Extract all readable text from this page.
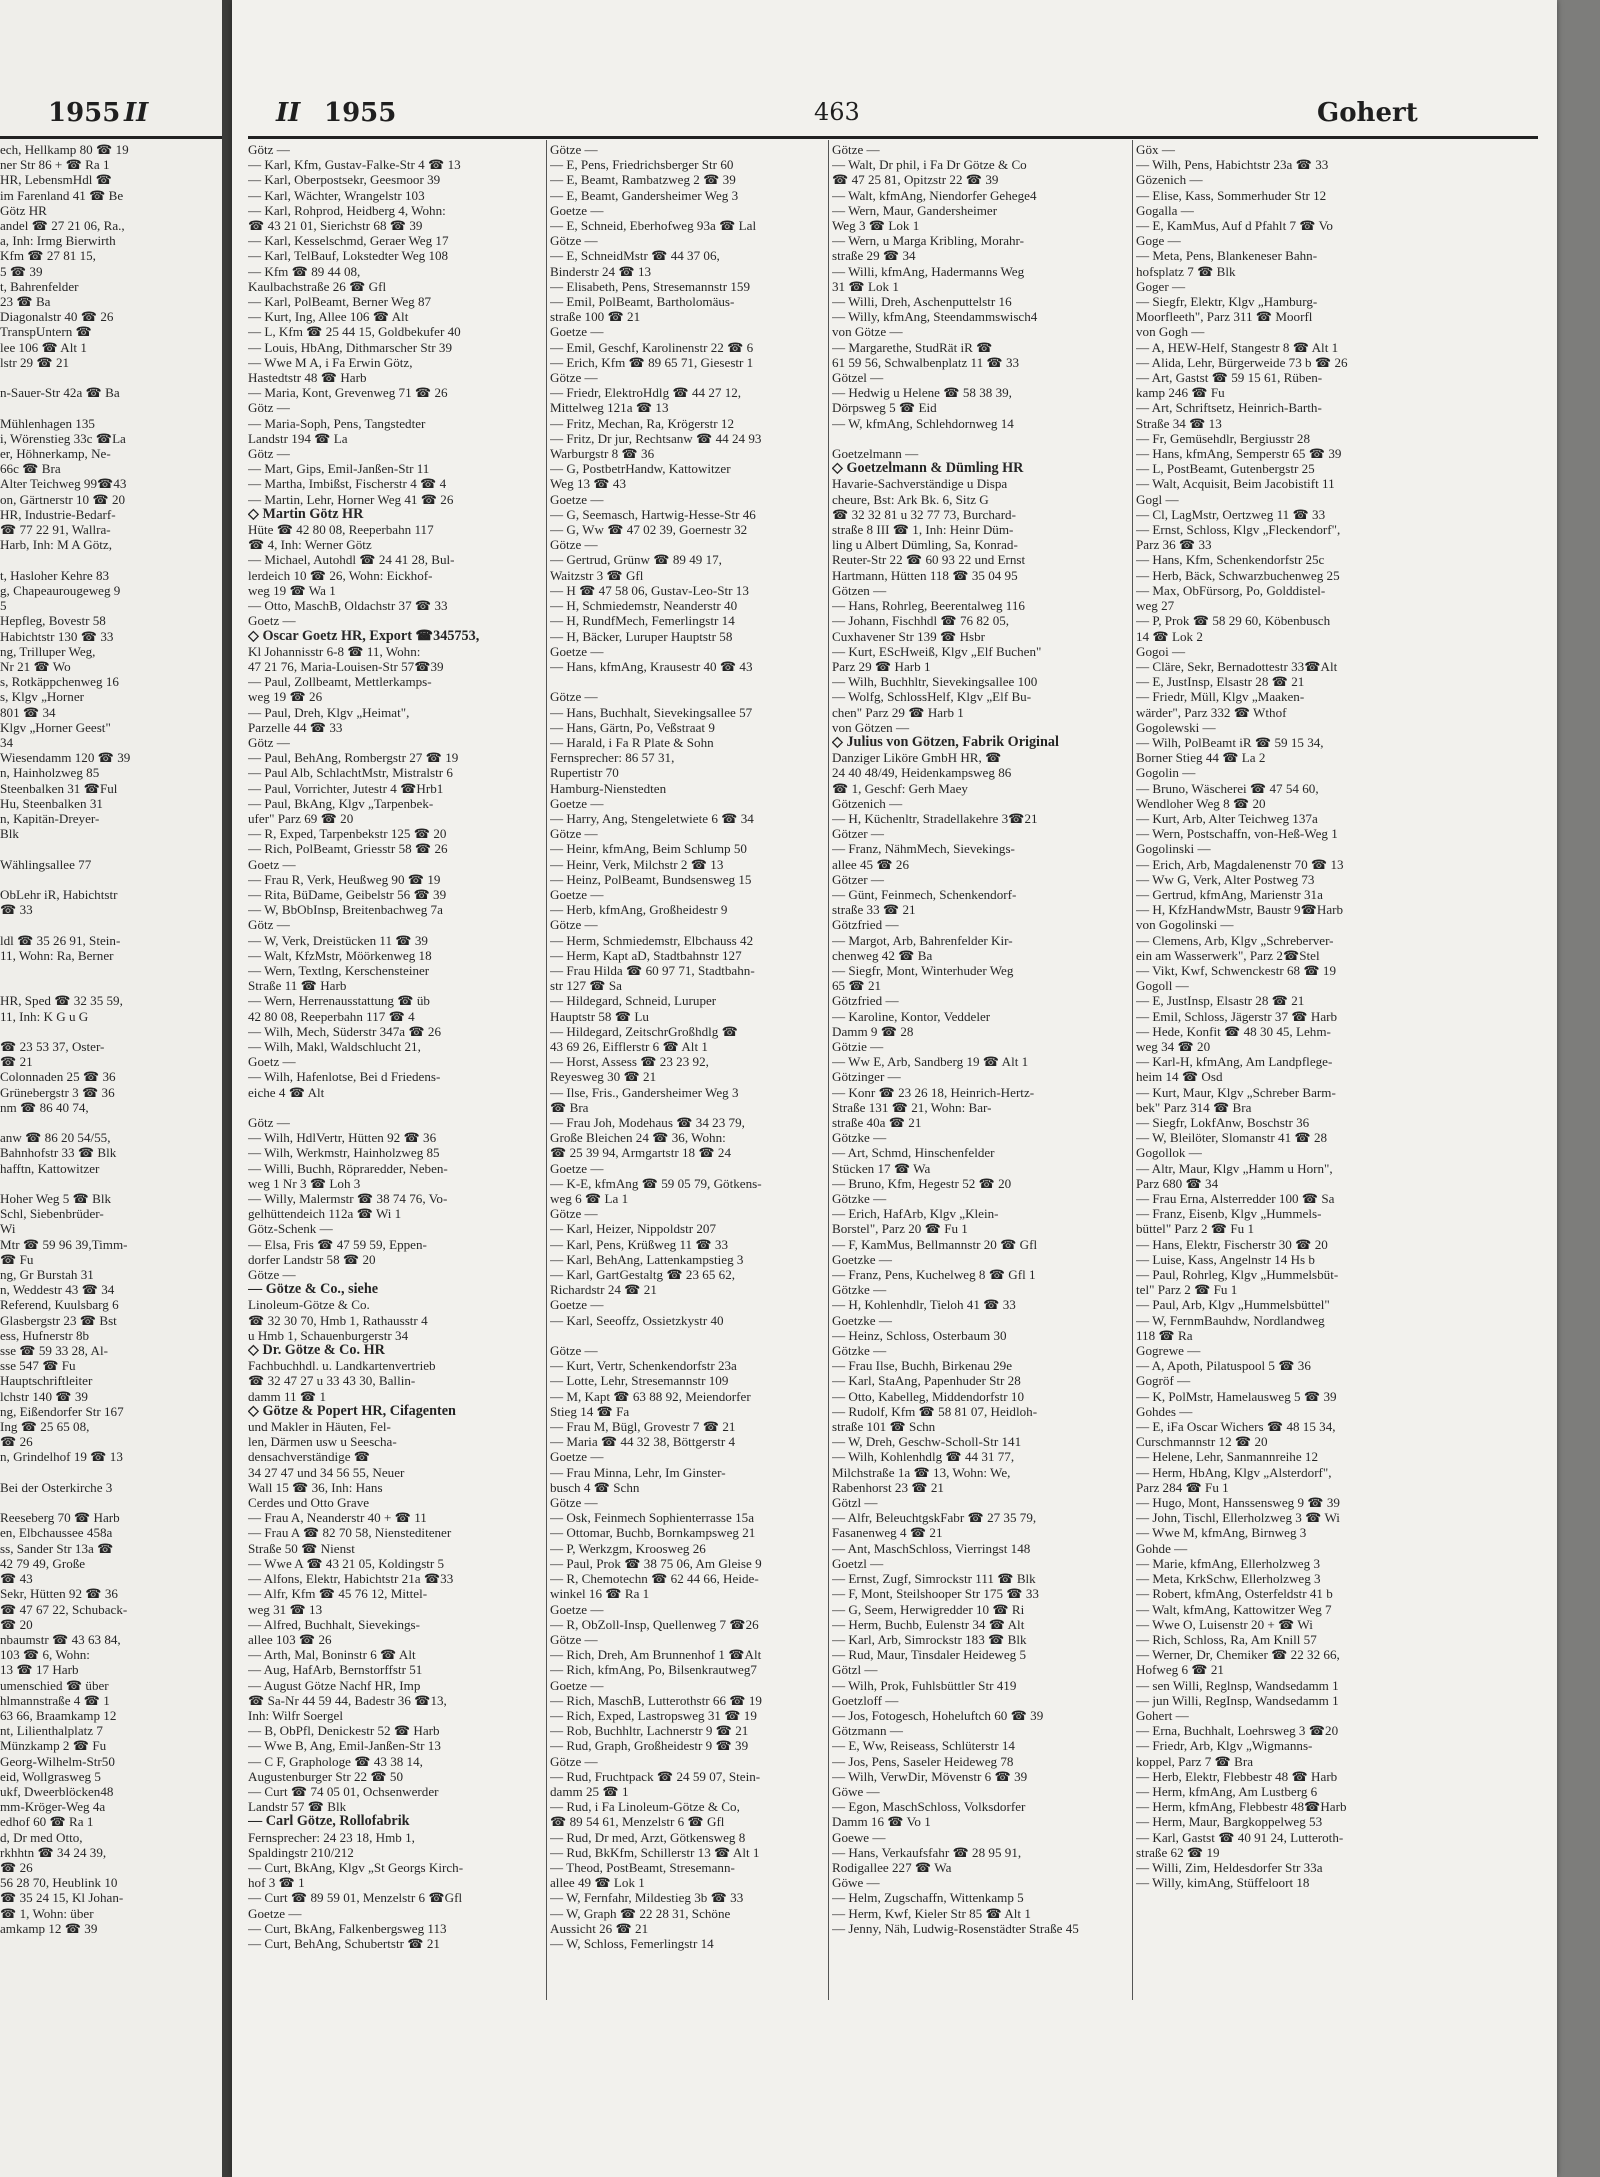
1955 II
ech, Hellkamp 80 ☎ 19
ner Str 86 + ☎ Ra 1
HR, LebensmHdl ☎
im Farenland 41 ☎ Be
Götz HR
andel ☎ 27 21 06, Ra.,
a, Inh: Irmg Bierwirth
Kfm ☎ 27 81 15,
5 ☎ 39
t, Bahrenfelder
23 ☎ Ba
Diagonalstr 40 ☎ 26
TranspUntern ☎
lee 106 ☎ Alt 1
lstr 29 ☎ 21

n-Sauer-Str 42a ☎ Ba

Mühlenhagen 135
i, Wörenstieg 33c ☎La
er, Höhnerkamp, Ne-
66c ☎ Bra
Alter Teichweg 99☎43
on, Gärtnerstr 10 ☎ 20
HR, Industrie-Bedarf-
☎ 77 22 91, Wallra-
Harb, Inh: M A Götz,

t, Hasloher Kehre 83
g, Chapeaurougeweg 9
5
Hepfleg, Bovestr 58
Habichtstr 130 ☎ 33
ng, Trilluper Weg,
Nr 21 ☎ Wo
s, Rotkäppchenweg 16
s, Klgv „Horner
801 ☎ 34
Klgv „Horner Geest"
34
Wiesendamm 120 ☎ 39
n, Hainholzweg 85
Steenbalken 31 ☎Ful
Hu, Steenbalken 31
n, Kapitän-Dreyer-
Blk

Wählingsallee 77

ObLehr iR, Habichtstr
☎ 33

ldl ☎ 35 26 91, Stein-
11, Wohn: Ra, Berner

HR, Sped ☎ 32 35 59,
11, Inh: K G u G

☎ 23 53 37, Oster-
☎ 21
Colonnaden 25 ☎ 36
Grünebergstr 3 ☎ 36
nm ☎ 86 40 74,

anw ☎ 86 20 54/55,
Bahnhofstr 33 ☎ Blk
hafftn, Kattowitzer

Hoher Weg 5 ☎ Blk
Schl, Siebenbrüder-
Wi
Mtr ☎ 59 96 39,Timm-
☎ Fu
ng, Gr Burstah 31
n, Weddestr 43 ☎ 34
Referend, Kuulsbarg 6
Glasbergstr 23 ☎ Bst
ess, Hufnerstr 8b
sse ☎ 59 33 28, Al-
sse 547 ☎ Fu
Hauptschriftleiter
lchstr 140 ☎ 39
ng, Eißendorfer Str 167
Ing ☎ 25 65 08,
☎ 26
n, Grindelhof 19 ☎ 13

Bei der Osterkirche 3

Reeseberg 70 ☎ Harb
en, Elbchaussee 458a
ss, Sander Str 13a ☎
42 79 49, Große
☎ 43
Sekr, Hütten 92 ☎ 36
☎ 47 67 22, Schuback-
☎ 20
nbaumstr ☎ 43 63 84,
103 ☎ 6, Wohn:
13 ☎ 17 Harb
umenschied ☎ über
hlmannstraße 4 ☎ 1
63 66, Braamkamp 12
nt, Lilienthalplatz 7
Münzkamp 2 ☎ Fu
Georg-Wilhelm-Str50
eid, Wollgrasweg 5
ukf, Dweerblöcken48
mm-Kröger-Weg 4a
edhof 60 ☎ Ra 1
d, Dr med Otto,
rkhhtn ☎ 34 24 39,
☎ 26
56 28 70, Heublink 10
☎ 35 24 15, Kl Johan-
☎ 1, Wohn: über
amkamp 12 ☎ 39
II 1955	463	Gohert
Götz —
— Karl, Kfm, Gustav-Falke-Str 4 ☎ 13
— Karl, Oberpostsekr, Geesmoor 39
— Karl, Wächter, Wrangelstr 103
— Karl, Rohprod, Heidberg 4, Wohn:
☎ 43 21 01, Sierichstr 68 ☎ 39
— Karl, Kesselschmd, Geraer Weg 17
— Karl, TelBauf, Lokstedter Weg 108
— Kfm ☎ 89 44 08,
Kaulbachstraße 26 ☎ Gfl
— Karl, PolBeamt, Berner Weg 87
— Kurt, Ing, Allee 106 ☎ Alt
— L, Kfm ☎ 25 44 15, Goldbekufer 40
— Louis, HbAng, Dithmarscher Str 39
— Wwe M A, i Fa Erwin Götz,
Hastedtstr 48 ☎ Harb
— Maria, Kont, Grevenweg 71 ☎ 26
Götz —
— Maria-Soph, Pens, Tangstedter
Landstr 194 ☎ La
Götz —
— Mart, Gips, Emil-Janßen-Str 11
— Martha, Imbißst, Fischerstr 4 ☎ 4
— Martin, Lehr, Horner Weg 41 ☎ 26
◇ Martin Götz HR
Hüte ☎ 42 80 08, Reeperbahn 117
☎ 4, Inh: Werner Götz
— Michael, Autohdl ☎ 24 41 28, Bul-
lerdeich 10 ☎ 26, Wohn: Eickhof-
weg 19 ☎ Wa 1
— Otto, MaschB, Oldachstr 37 ☎ 33
Goetz —
◇ Oscar Goetz HR, Export ☎345753,
Kl Johannisstr 6-8 ☎ 11, Wohn:
47 21 76, Maria-Louisen-Str 57☎39
— Paul, Zollbeamt, Mettlerkamps-
weg 19 ☎ 26
— Paul, Dreh, Klgv „Heimat",
Parzelle 44 ☎ 33
Götz —
— Paul, BehAng, Rombergstr 27 ☎ 19
— Paul Alb, SchlachtMstr, Mistralstr 6
— Paul, Vorrichter, Jutestr 4 ☎Hrb1
— Paul, BkAng, Klgv „Tarpenbek-
ufer" Parz 69 ☎ 20
— R, Exped, Tarpenbekstr 125 ☎ 20
— Rich, PolBeamt, Griesstr 58 ☎ 26
Goetz —
— Frau R, Verk, Heußweg 90 ☎ 19
— Rita, BüDame, Geibelstr 56 ☎ 39
— W, BbObInsp, Breitenbachweg 7a
Götz —
— W, Verk, Dreistücken 11 ☎ 39
— Walt, KfzMstr, Möörkenweg 18
— Wern, Textlng, Kerschensteiner
Straße 11 ☎ Harb
— Wern, Herrenausstattung ☎ üb
42 80 08, Reeperbahn 117 ☎ 4
— Wilh, Mech, Süderstr 347a ☎ 26
— Wilh, Makl, Waldschlucht 21,
Goetz —
— Wilh, Hafenlotse, Bei d Friedens-
eiche 4 ☎ Alt

Götz —
— Wilh, HdlVertr, Hütten 92 ☎ 36
— Wilh, Werkmstr, Hainholzweg 85
— Willi, Buchh, Röpraredder, Neben-
weg 1 Nr 3 ☎ Loh 3
— Willy, Malermstr ☎ 38 74 76, Vo-
gelhüttendeich 112a ☎ Wi 1
Götz-Schenk —
— Elsa, Fris ☎ 47 59 59, Eppen-
dorfer Landstr 58 ☎ 20
Götze —
— Götze & Co., siehe
Linoleum-Götze & Co.
☎ 32 30 70, Hmb 1, Rathausstr 4
u Hmb 1, Schauenburgerstr 34
◇ Dr. Götze & Co. HR
Fachbuchhdl. u. Landkartenvertrieb
☎ 32 47 27 u 33 43 30, Ballin-
damm 11 ☎ 1
◇ Götze & Popert HR, Cifagenten
und Makler in Häuten, Fel-
len, Därmen usw u Seescha-
densachverständige ☎
34 27 47 und 34 56 55, Neuer
Wall 15 ☎ 36, Inh: Hans
Cerdes und Otto Grave
— Frau A, Neanderstr 40 + ☎ 11
— Frau A ☎ 82 70 58, Niensteditener
Straße 50 ☎ Nienst
— Wwe A ☎ 43 21 05, Koldingstr 5
— Alfons, Elektr, Habichtstr 21a ☎33
— Alfr, Kfm ☎ 45 76 12, Mittel-
weg 31 ☎ 13
— Alfred, Buchhalt, Sievekings-
allee 103 ☎ 26
— Arth, Mal, Boninstr 6 ☎ Alt
— Aug, HafArb, Bernstorffstr 51
— August Götze Nachf HR, Imp
☎ Sa-Nr 44 59 44, Badestr 36 ☎13,
Inh: Wilfr Soergel
— B, ObPfl, Denickestr 52 ☎ Harb
— Wwe B, Ang, Emil-Janßen-Str 13
— C F, Graphologe ☎ 43 38 14,
Augustenburger Str 22 ☎ 50
— Curt ☎ 74 05 01, Ochsenwerder
Landstr 57 ☎ Blk
— Carl Götze, Rollofabrik
Fernsprecher: 24 23 18, Hmb 1,
Spaldingstr 210/212
— Curt, BkAng, Klgv „St Georgs Kirch-
hof 3 ☎ 1
— Curt ☎ 89 59 01, Menzelstr 6 ☎Gfl
Goetze —
— Curt, BkAng, Falkenbergsweg 113
— Curt, BehAng, Schubertstr ☎ 21
Götze —
— E, Pens, Friedrichsberger Str 60
— E, Beamt, Rambatzweg 2 ☎ 39
— E, Beamt, Gandersheimer Weg 3
Goetze —
— E, Schneid, Eberhofweg 93a ☎ Lal
Götze —
— E, SchneidMstr ☎ 44 37 06,
Binderstr 24 ☎ 13
— Elisabeth, Pens, Stresemannstr 159
— Emil, PolBeamt, Bartholomäus-
straße 100 ☎ 21
Goetze —
— Emil, Geschf, Karolinenstr 22 ☎ 6
— Erich, Kfm ☎ 89 65 71, Giesestr 1
Götze —
— Friedr, ElektroHdlg ☎ 44 27 12,
Mittelweg 121a ☎ 13
— Fritz, Mechan, Ra, Krögerstr 12
— Fritz, Dr jur, Rechtsanw ☎ 44 24 93
Warburgstr 8 ☎ 36
— G, PostbetrHandw, Kattowitzer
Weg 13 ☎ 43
Goetze —
— G, Seemasch, Hartwig-Hesse-Str 46
— G, Ww ☎ 47 02 39, Goernestr 32
Götze —
— Gertrud, Grünw ☎ 89 49 17,
Waitzstr 3 ☎ Gfl
— H ☎ 47 58 06, Gustav-Leo-Str 13
— H, Schmiedemstr, Neanderstr 40
— H, RundfMech, Femerlingstr 14
— H, Bäcker, Luruper Hauptstr 58
Goetze —
— Hans, kfmAng, Krausestr 40 ☎ 43

Götze —
— Hans, Buchhalt, Sievekingsallee 57
— Hans, Gärtn, Po, Veßstraat 9
— Harald, i Fa R Plate & Sohn
Fernsprecher: 86 57 31,
Rupertistr 70
Hamburg-Nienstedten
Goetze —
— Harry, Ang, Stengeletwiete 6 ☎ 34
Götze —
— Heinr, kfmAng, Beim Schlump 50
— Heinr, Verk, Milchstr 2 ☎ 13
— Heinz, PolBeamt, Bundsensweg 15
Goetze —
— Herb, kfmAng, Großheidestr 9
Götze —
— Herm, Schmiedemstr, Elbchauss 42
— Herm, Kapt aD, Stadtbahnstr 127
— Frau Hilda ☎ 60 97 71, Stadtbahn-
str 127 ☎ Sa
— Hildegard, Schneid, Luruper
Hauptstr 58 ☎ Lu
— Hildegard, ZeitschrGroßhdlg ☎
43 69 26, Eifflerstr 6 ☎ Alt 1
— Horst, Assess ☎ 23 23 92,
Reyesweg 30 ☎ 21
— Ilse, Fris., Gandersheimer Weg 3
☎ Bra
— Frau Joh, Modehaus ☎ 34 23 79,
Große Bleichen 24 ☎ 36, Wohn:
☎ 25 39 94, Armgartstr 18 ☎ 24
Goetze —
— K-E, kfmAng ☎ 59 05 79, Götkens-
weg 6 ☎ La 1
Götze —
— Karl, Heizer, Nippoldstr 207
— Karl, Pens, Krüßweg 11 ☎ 33
— Karl, BehAng, Lattenkampstieg 3
— Karl, GartGestaltg ☎ 23 65 62,
Richardstr 24 ☎ 21
Goetze —
— Karl, Seeoffz, Ossietzkystr 40

Götze —
— Kurt, Vertr, Schenkendorfstr 23a
— Lotte, Lehr, Stresemannstr 109
— M, Kapt ☎ 63 88 92, Meiendorfer
Stieg 14 ☎ Fa
— Frau M, Bügl, Grovestr 7 ☎ 21
— Maria ☎ 44 32 38, Böttgerstr 4
Goetze —
— Frau Minna, Lehr, Im Ginster-
busch 4 ☎ Schn
Götze —
— Osk, Feinmech Sophienterrasse 15a
— Ottomar, Buchb, Bornkampsweg 21
— P, Werkzgm, Kroosweg 26
— Paul, Prok ☎ 38 75 06, Am Gleise 9
— R, Chemotechn ☎ 62 44 66, Heide-
winkel 16 ☎ Ra 1
Goetze —
— R, ObZoll-Insp, Quellenweg 7 ☎26
Götze —
— Rich, Dreh, Am Brunnenhof 1 ☎Alt
— Rich, kfmAng, Po, Bilsenkrautweg7
Goetze —
— Rich, MaschB, Lutterothstr 66 ☎ 19
— Rich, Exped, Lastropsweg 31 ☎ 19
— Rob, Buchhltr, Lachnerstr 9 ☎ 21
— Rud, Graph, Großheidestr 9 ☎ 39
Götze —
— Rud, Fruchtpack ☎ 24 59 07, Stein-
damm 25 ☎ 1
— Rud, i Fa Linoleum-Götze & Co,
☎ 89 54 61, Menzelstr 6 ☎ Gfl
— Rud, Dr med, Arzt, Götkensweg 8
— Rud, BkKfm, Schillerstr 13 ☎ Alt 1
— Theod, PostBeamt, Stresemann-
allee 49 ☎ Lok 1
— W, Fernfahr, Mildestieg 3b ☎ 33
— W, Graph ☎ 22 28 31, Schöne
Aussicht 26 ☎ 21
— W, Schloss, Femerlingstr 14
Götze —
— Walt, Dr phil, i Fa Dr Götze & Co
☎ 47 25 81, Opitzstr 22 ☎ 39
— Walt, kfmAng, Niendorfer Gehege4
— Wern, Maur, Gandersheimer
Weg 3 ☎ Lok 1
— Wern, u Marga Kribling, Morahr-
straße 29 ☎ 34
— Willi, kfmAng, Hadermanns Weg
31 ☎ Lok 1
— Willi, Dreh, Aschenputtelstr 16
— Willy, kfmAng, Steendammswisch4
von Götze —
— Margarethe, StudRät iR ☎
61 59 56, Schwalbenplatz 11 ☎ 33
Götzel —
— Hedwig u Helene ☎ 58 38 39,
Dörpsweg 5 ☎ Eid
— W, kfmAng, Schlehdornweg 14

Goetzelmann —
◇ Goetzelmann & Dümling HR
Havarie-Sachverständige u Dispa
cheure, Bst: Ark Bk. 6, Sitz G
☎ 32 32 81 u 32 77 73, Burchard-
straße 8 III ☎ 1, Inh: Heinr Düm-
ling u Albert Dümling, Sa, Konrad-
Reuter-Str 22 ☎ 60 93 22 und Ernst
Hartmann, Hütten 118 ☎ 35 04 95
Götzen —
— Hans, Rohrleg, Beerentalweg 116
— Johann, Fischhdl ☎ 76 82 05,
Cuxhavener Str 139 ☎ Hsbr
— Kurt, EScHweiß, Klgv „Elf Buchen"
Parz 29 ☎ Harb 1
— Wilh, Buchhltr, Sievekingsallee 100
— Wolfg, SchlossHelf, Klgv „Elf Bu-
chen" Parz 29 ☎ Harb 1
von Götzen —
◇ Julius von Götzen, Fabrik Original
Danziger Liköre GmbH HR, ☎
24 40 48/49, Heidenkampsweg 86
☎ 1, Geschf: Gerh Maey
Götzenich —
— H, Küchenltr, Stradellakehre 3☎21
Götzer —
— Franz, NähmMech, Sievekings-
allee 45 ☎ 26
Götzer —
— Günt, Feinmech, Schenkendorf-
straße 33 ☎ 21
Götzfried —
— Margot, Arb, Bahrenfelder Kir-
chenweg 42 ☎ Ba
— Siegfr, Mont, Winterhuder Weg
65 ☎ 21
Götzfried —
— Karoline, Kontor, Veddeler
Damm 9 ☎ 28
Götzie —
— Ww E, Arb, Sandberg 19 ☎ Alt 1
Götzinger —
— Konr ☎ 23 26 18, Heinrich-Hertz-
Straße 131 ☎ 21, Wohn: Bar-
straße 40a ☎ 21
Götzke —
— Art, Schmd, Hinschenfelder
Stücken 17 ☎ Wa
— Bruno, Kfm, Hegestr 52 ☎ 20
Götzke —
— Erich, HafArb, Klgv „Klein-
Borstel", Parz 20 ☎ Fu 1
— F, KamMus, Bellmannstr 20 ☎ Gfl
Goetzke —
— Franz, Pens, Kuchelweg 8 ☎ Gfl 1
Götzke —
— H, Kohlenhdlr, Tieloh 41 ☎ 33
Goetzke —
— Heinz, Schloss, Osterbaum 30
Götzke —
— Frau Ilse, Buchh, Birkenau 29e
— Karl, StaAng, Papenhuder Str 28
— Otto, Kabelleg, Middendorfstr 10
— Rudolf, Kfm ☎ 58 81 07, Heidloh-
straße 101 ☎ Schn
— W, Dreh, Geschw-Scholl-Str 141
— Wilh, Kohlenhdlg ☎ 44 31 77,
Milchstraße 1a ☎ 13, Wohn: We,
Rabenhorst 23 ☎ 21
Götzl —
— Alfr, BeleuchtgskFabr ☎ 27 35 79,
Fasanenweg 4 ☎ 21
— Ant, MaschSchloss, Vierringst 148
Goetzl —
— Ernst, Zugf, Simrockstr 111 ☎ Blk
— F, Mont, Steilshooper Str 175 ☎ 33
— G, Seem, Herwigredder 10 ☎ Ri
— Herm, Buchb, Eulenstr 34 ☎ Alt
— Karl, Arb, Simrockstr 183 ☎ Blk
— Rud, Maur, Tinsdaler Heideweg 5
Götzl —
— Wilh, Prok, Fuhlsbüttler Str 419
Goetzloff —
— Jos, Fotogesch, Hoheluftch 60 ☎ 39
Götzmann —
— E, Ww, Reiseass, Schlüterstr 14
— Jos, Pens, Saseler Heideweg 78
— Wilh, VerwDir, Mövenstr 6 ☎ 39
Göwe —
— Egon, MaschSchloss, Volksdorfer
Damm 16 ☎ Vo 1
Goewe —
— Hans, Verkaufsfahr ☎ 28 95 91,
Rodigallee 227 ☎ Wa
Göwe —
— Helm, Zugschaffn, Wittenkamp 5
— Herm, Kwf, Kieler Str 85 ☎ Alt 1
— Jenny, Näh, Ludwig-Rosenstädter Straße 45
Göx —
— Wilh, Pens, Habichtstr 23a ☎ 33
Gözenich —
— Elise, Kass, Sommerhuder Str 12
Gogalla —
— E, KamMus, Auf d Pfahlt 7 ☎ Vo
Goge —
— Meta, Pens, Blankeneser Bahn-
hofsplatz 7 ☎ Blk
Goger —
— Siegfr, Elektr, Klgv „Hamburg-
Moorfleeth", Parz 311 ☎ Moorfl
von Gogh —
— A, HEW-Helf, Stangestr 8 ☎ Alt 1
— Alida, Lehr, Bürgerweide 73 b ☎ 26
— Art, Gastst ☎ 59 15 61, Rüben-
kamp 246 ☎ Fu
— Art, Schriftsetz, Heinrich-Barth-
Straße 34 ☎ 13
— Fr, Gemüsehdlr, Bergiusstr 28
— Hans, kfmAng, Semperstr 65 ☎ 39
— L, PostBeamt, Gutenbergstr 25
— Walt, Acquisit, Beim Jacobistift 11
Gogl —
— Cl, LagMstr, Oertzweg 11 ☎ 33
— Ernst, Schloss, Klgv „Fleckendorf",
Parz 36 ☎ 33
— Hans, Kfm, Schenkendorfstr 25c
— Herb, Bäck, Schwarzbuchenweg 25
— Max, ObFürsorg, Po, Golddistel-
weg 27
— P, Prok ☎ 58 29 60, Köbenbusch
14 ☎ Lok 2
Gogoi —
— Cläre, Sekr, Bernadottestr 33☎Alt
— E, JustInsp, Elsastr 28 ☎ 21
— Friedr, Müll, Klgv „Maaken-
wärder", Parz 332 ☎ Wthof
Gogolewski —
— Wilh, PolBeamt iR ☎ 59 15 34,
Borner Stieg 44 ☎ La 2
Gogolin —
— Bruno, Wäscherei ☎ 47 54 60,
Wendloher Weg 8 ☎ 20
— Kurt, Arb, Alter Teichweg 137a
— Wern, Postschaffn, von-Heß-Weg 1
Gogolinski —
— Erich, Arb, Magdalenenstr 70 ☎ 13
— Ww G, Verk, Alter Postweg 73
— Gertrud, kfmAng, Marienstr 31a
— H, KfzHandwMstr, Baustr 9☎Harb
von Gogolinski —
— Clemens, Arb, Klgv „Schreberver-
ein am Wasserwerk", Parz 2☎Stel
— Vikt, Kwf, Schwenckestr 68 ☎ 19
Gogoll —
— E, JustInsp, Elsastr 28 ☎ 21
— Emil, Schloss, Jägerstr 37 ☎ Harb
— Hede, Konfit ☎ 48 30 45, Lehm-
weg 34 ☎ 20
— Karl-H, kfmAng, Am Landpflege-
heim 14 ☎ Osd
— Kurt, Maur, Klgv „Schreber Barm-
bek" Parz 314 ☎ Bra
— Siegfr, LokfAnw, Boschstr 36
— W, Bleilöter, Slomanstr 41 ☎ 28
Gogollok —
— Altr, Maur, Klgv „Hamm u Horn",
Parz 680 ☎ 34
— Frau Erna, Alsterredder 100 ☎ Sa
— Franz, Eisenb, Klgv „Hummels-
büttel" Parz 2 ☎ Fu 1
— Hans, Elektr, Fischerstr 30 ☎ 20
— Luise, Kass, Angelnstr 14 Hs b
— Paul, Rohrleg, Klgv „Hummelsbüt-
tel" Parz 2 ☎ Fu 1
— Paul, Arb, Klgv „Hummelsbüttel"
— W, FernmBauhdw, Nordlandweg
118 ☎ Ra
Gogrewe —
— A, Apoth, Pilatuspool 5 ☎ 36
Gogröf —
— K, PolMstr, Hamelausweg 5 ☎ 39
Gohdes —
— E, iFa Oscar Wichers ☎ 48 15 34,
Curschmannstr 12 ☎ 20
— Helene, Lehr, Sanmannreihe 12
— Herm, HbAng, Klgv „Alsterdorf",
Parz 284 ☎ Fu 1
— Hugo, Mont, Hanssensweg 9 ☎ 39
— John, Tischl, Ellerholzweg 3 ☎ Wi
— Wwe M, kfmAng, Birnweg 3
Gohde —
— Marie, kfmAng, Ellerholzweg 3
— Meta, KrkSchw, Ellerholzweg 3
— Robert, kfmAng, Osterfeldstr 41 b
— Walt, kfmAng, Kattowitzer Weg 7
— Wwe O, Luisenstr 20 + ☎ Wi
— Rich, Schloss, Ra, Am Knill 57
— Werner, Dr, Chemiker ☎ 22 32 66,
Hofweg 6 ☎ 21
— sen Willi, Reglnsp, Wandsedamm 1
— jun Willi, RegInsp, Wandsedamm 1
Gohert —
— Erna, Buchhalt, Loehrsweg 3 ☎20
— Friedr, Arb, Klgv „Wigmanns-
koppel, Parz 7 ☎ Bra
— Herb, Elektr, Flebbestr 48 ☎ Harb
— Herm, kfmAng, Am Lustberg 6
— Herm, kfmAng, Flebbestr 48☎Harb
— Herm, Maur, Bargkoppelweg 53
— Karl, Gastst ☎ 40 91 24, Lutteroth-
straße 62 ☎ 19
— Willi, Zim, Heldesdorfer Str 33a
— Willy, kimAng, Stüffeloort 18
